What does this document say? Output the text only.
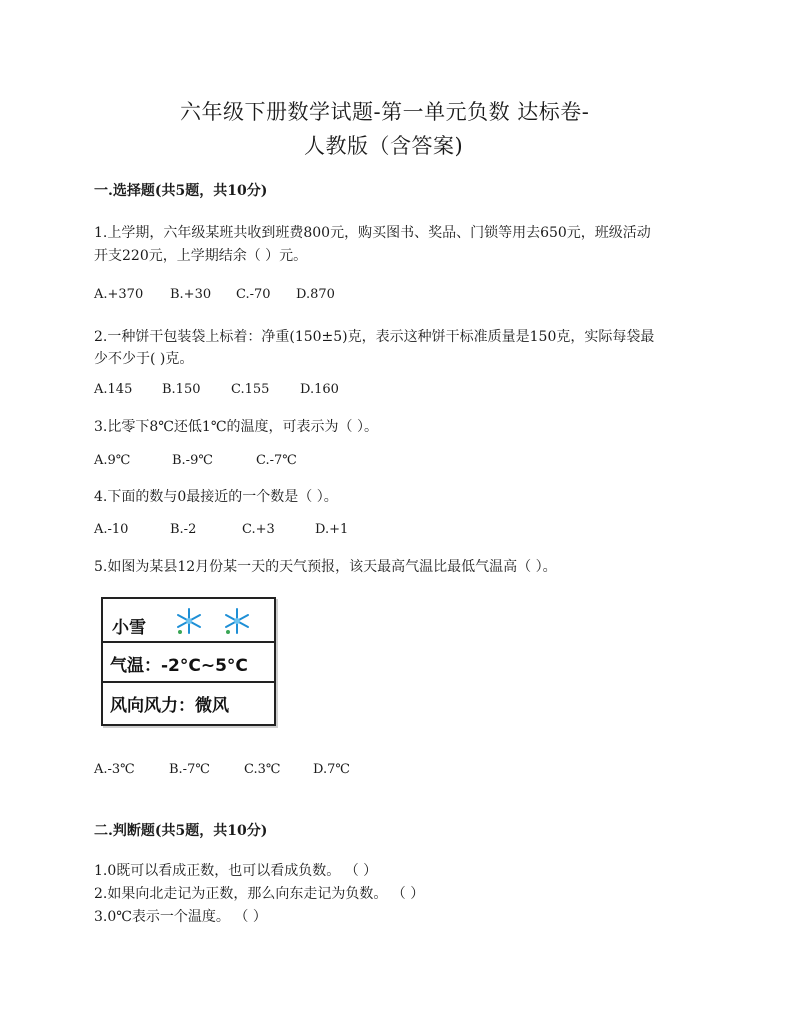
六年级下册数学试题-第一单元负数 达标卷-
人教版（含答案)
一.选择题(共5题，共10分)
1.上学期，六年级某班共收到班费800元，购买图书、奖品、门锁等用去650元，班级活动
开支220元，上学期结余（ ）元。
A.+370 B.+30 C.-70 D.870
2.一种饼干包装袋上标着：净重(150±5)克，表示这种饼干标准质量是150克，实际每袋最
少不少于( )克。
A.145 B.150 C.155 D.160
3.比零下8℃还低1℃的温度，可表示为（ ）。
A.9℃	B.-9℃	C.-7℃
4.下面的数与0最接近的一个数是（ ）。
A.-10	B.-2	C.+3	D.+1
5.如图为某县12月份某一天的天气预报，该天最高气温比最低气温高（ ）。
小雪
气温：-2°C~5°C
风向风力：微风
A.-3℃	B.-7℃	C.3℃	D.7℃
二.判断题(共5题，共10分)
1.0既可以看成正数，也可以看成负数。 （ ）
2.如果向北走记为正数，那么向东走记为负数。 （ ）
3.0℃表示一个温度。 （ ）
